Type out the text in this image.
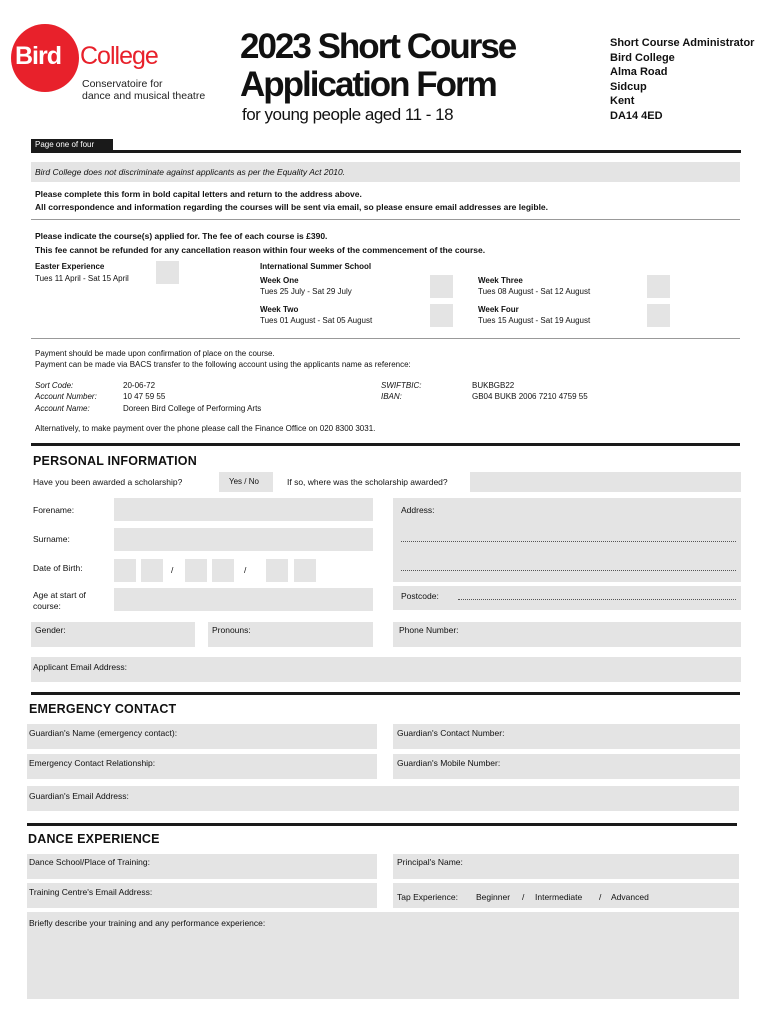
Bird College
Conservatoire for
dance and musical theatre
2023 Short Course
Application Form
for young people aged 11 - 18
Short Course Administrator
Bird College
Alma Road
Sidcup
Kent
DA14 4ED
Page one of four
Bird College does not discriminate against applicants as per the Equality Act 2010.
Please complete this form in bold capital letters and return to the address above.
All correspondence and information regarding the courses will be sent via email, so please ensure email addresses are legible.
Please indicate the course(s) applied for. The fee of each course is £390.
This fee cannot be refunded for any cancellation reason within four weeks of the commencement of the course.
Easter Experience
Tues 11 April - Sat 15 April
International Summer School
Week One
Tues 25 July - Sat 29 July
Week Two
Tues 01 August - Sat 05 August
Week Three
Tues 08 August - Sat 12 August
Week Four
Tues 15 August - Sat 19 August
Payment should be made upon confirmation of place on the course.
Payment can be made via BACS transfer to the following account using the applicants name as reference:
Sort Code:	20-06-72
Account Number:	10 47 59 55
Account Name:	Doreen Bird College of Performing Arts
SWIFTBIC:	BUKBGB22
IBAN:	GB04 BUKB 2006 7210 4759 55
Alternatively, to make payment over the phone please call the Finance Office on 020 8300 3031.
PERSONAL INFORMATION
Have you been awarded a scholarship?	Yes / No	If so, where was the scholarship awarded?
Forename:	Address:
Surname:
Date of Birth:	/	/
Age at start of
course:
Postcode:
Gender:	Pronouns:	Phone Number:
Applicant Email Address:
EMERGENCY CONTACT
Guardian's Name (emergency contact):	Guardian's Contact Number:
Emergency Contact Relationship:	Guardian's Mobile Number:
Guardian's Email Address:
DANCE EXPERIENCE
Dance School/Place of Training:	Principal's Name:
Training Centre's Email Address:	Tap Experience: Beginner / Intermediate / Advanced
Briefly describe your training and any performance experience:
